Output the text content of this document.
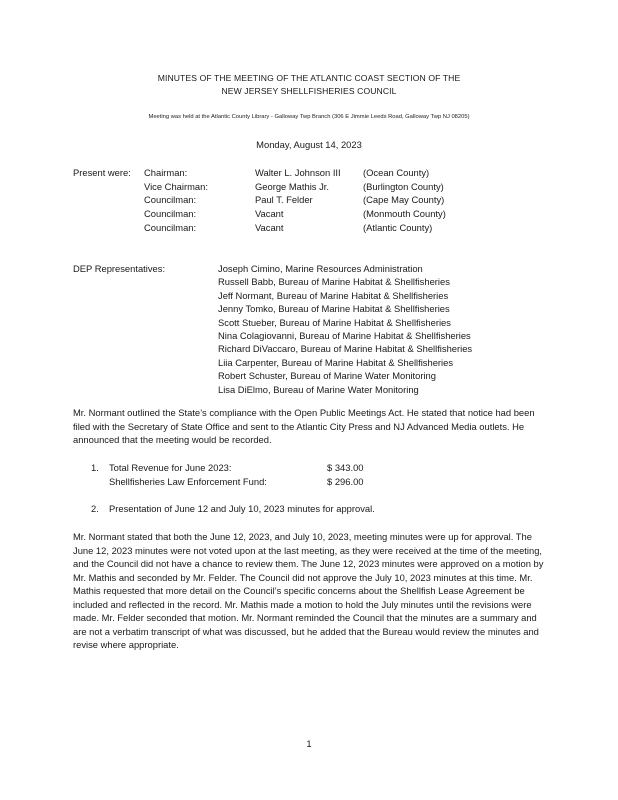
MINUTES OF THE MEETING OF THE ATLANTIC COAST SECTION OF THE
NEW JERSEY SHELLFISHERIES COUNCIL
Meeting was held at the Atlantic County Library - Galloway Twp Branch (306 E Jimmie Leeds Road, Galloway Twp NJ 08205)
Monday, August 14, 2023
Present were: Chairman:	Walter L. Johnson III	(Ocean County)
Vice Chairman:	George Mathis Jr.	(Burlington County)
Councilman:	Paul T. Felder	(Cape May County)
Councilman:	Vacant	(Monmouth County)
Councilman:	Vacant	(Atlantic County)
DEP Representatives:	Joseph Cimino, Marine Resources Administration
Russell Babb, Bureau of Marine Habitat & Shellfisheries
Jeff Normant, Bureau of Marine Habitat & Shellfisheries
Jenny Tomko, Bureau of Marine Habitat & Shellfisheries
Scott Stueber, Bureau of Marine Habitat & Shellfisheries
Nina Colagiovanni, Bureau of Marine Habitat & Shellfisheries
Richard DiVaccaro, Bureau of Marine Habitat & Shellfisheries
Liia Carpenter, Bureau of Marine Habitat & Shellfisheries
Robert Schuster, Bureau of Marine Water Monitoring
Lisa DiElmo, Bureau of Marine Water Monitoring

Mr. Normant outlined the State’s compliance with the Open Public Meetings Act. He stated that notice had been filed with the Secretary of State Office and sent to the Atlantic City Press and NJ Advanced Media outlets. He announced that the meeting would be recorded.

1.	Total Revenue for June 2023:	$ 343.00
	Shellfisheries Law Enforcement Fund:	$ 296.00
2. Presentation of June 12 and July 10, 2023 minutes for approval.

Mr. Normant stated that both the June 12, 2023, and July 10, 2023, meeting minutes were up for approval. The June 12, 2023 minutes were not voted upon at the last meeting, as they were received at the time of the meeting, and the Council did not have a chance to review them. The June 12, 2023 minutes were approved on a motion by Mr. Mathis and seconded by Mr. Felder. The Council did not approve the July 10, 2023 minutes at this time. Mr. Mathis requested that more detail on the Council’s specific concerns about the Shellfish Lease Agreement be included and reflected in the record. Mr. Mathis made a motion to hold the July minutes until the revisions were made. Mr. Felder seconded that motion. Mr. Normant reminded the Council that the minutes are a summary and are not a verbatim transcript of what was discussed, but he added that the Bureau would review the minutes and revise where appropriate.

1
